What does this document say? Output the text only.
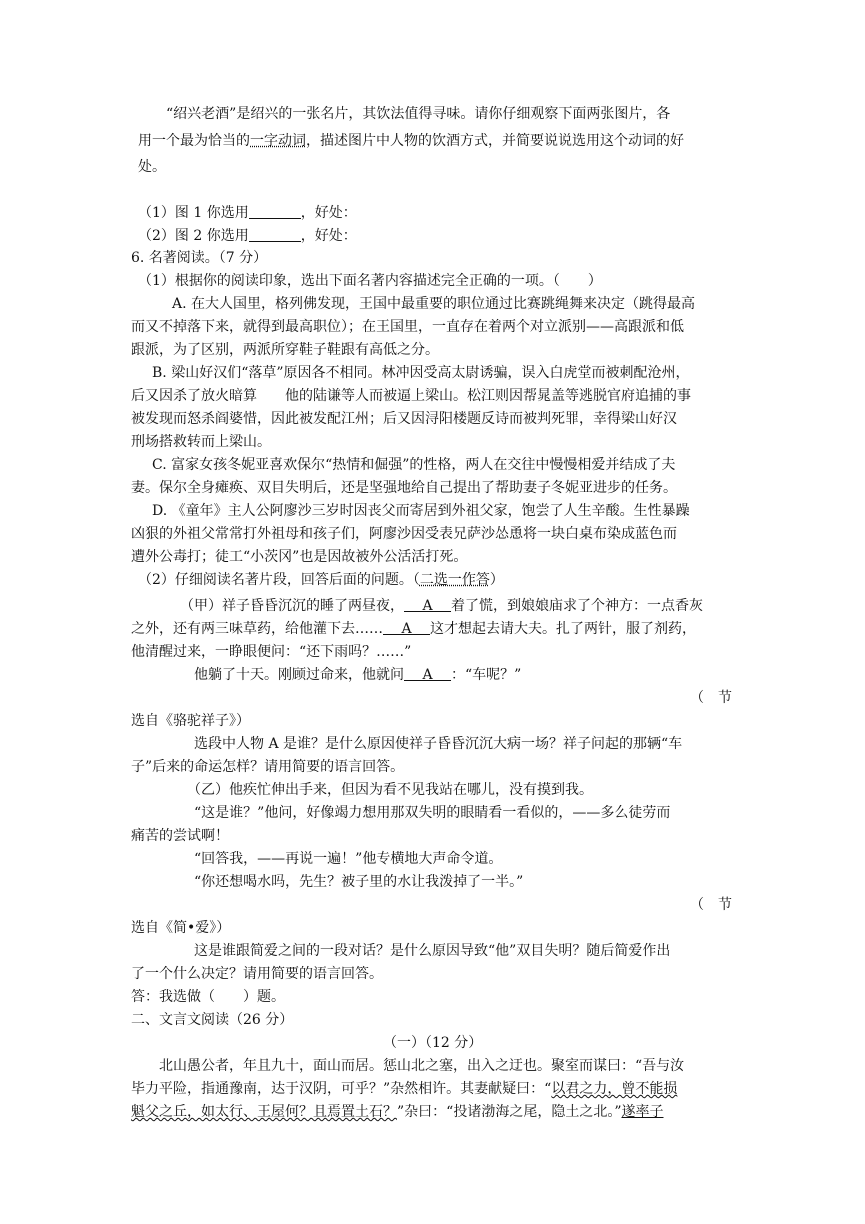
“绍兴老酒”是绍兴的一张名片，其饮法值得寻味。请你仔细观察下面两张图片，各
用一个最为恰当的一字动词，描述图片中人物的饮酒方式，并简要说说选用这个动词的好
处。
（1）图 1 你选用	，好处：
（2）图 2 你选用	，好处：
6. 名著阅读。（7 分）
（1）根据你的阅读印象，选出下面名著内容描述完全正确的一项。（　　）
A. 在大人国里，格列佛发现，王国中最重要的职位通过比赛跳绳舞来决定（跳得最高
而又不掉落下来，就得到最高职位）；在王国里，一直存在着两个对立派别——高跟派和低
跟派，为了区别，两派所穿鞋子鞋跟有高低之分。
B. 梁山好汉们“落草”原因各不相同。林冲因受高太尉诱骗，误入白虎堂而被刺配沧州，
后又因杀了放火暗算　　他的陆谦等人而被逼上梁山。松江则因帮晁盖等逃脱官府追捕的事
被发现而怒杀阎婆惜，因此被发配江州；后又因浔阳楼题反诗而被判死罪，幸得梁山好汉
刑场搭救转而上梁山。
C. 富家女孩冬妮亚喜欢保尔“热情和倔强”的性格，两人在交往中慢慢相爱并结成了夫
妻。保尔全身瘫痪、双目失明后，还是坚强地给自己提出了帮助妻子冬妮亚进步的任务。
D. 《童年》主人公阿廖沙三岁时因丧父而寄居到外祖父家，饱尝了人生辛酸。生性暴躁
凶狠的外祖父常常打外祖母和孩子们，阿廖沙因受表兄萨沙怂恿将一块白桌布染成蓝色而
遭外公毒打；徒工“小茨冈”也是因故被外公活活打死。
（2）仔细阅读名著片段，回答后面的问题。（二选一作答）
（甲）祥子昏昏沉沉的睡了两昼夜， 　A 　着了慌，到娘娘庙求了个神方：一点香灰
之外，还有两三味草药，给他灌下去…… 　A 　这才想起去请大夫。扎了两针，服了剂药，
他清醒过来，一睁眼便问：“还下雨吗？……”
他躺了十天。刚顾过命来，他就问 　A 　：“车呢？”
（　节
选自《骆驼祥子》）
选段中人物 A 是谁？是什么原因使祥子昏昏沉沉大病一场？祥子问起的那辆“车
子”后来的命运怎样？请用简要的语言回答。
（乙）他疾忙伸出手来，但因为看不见我站在哪儿，没有摸到我。
“这是谁？”他问，好像竭力想用那双失明的眼睛看一看似的，——多么徒劳而
痛苦的尝试啊！
“回答我，——再说一遍！”他专横地大声命令道。
“你还想喝水吗，先生？被子里的水让我泼掉了一半。”
（　节
选自《简•爱》）
这是谁跟简爱之间的一段对话？是什么原因导致“他”双目失明？随后简爱作出
了一个什么决定？请用简要的语言回答。
答：我选做（　　）题。
二、文言文阅读（26 分）
（一）（12 分）
北山愚公者，年且九十，面山而居。惩山北之塞，出入之迂也。聚室而谋曰：“吾与汝
毕力平险，指通豫南，达于汉阴，可乎？”杂然相许。其妻献疑曰：“以君之力，曾不能损
魁父之丘，如太行、王屋何？且焉置土石？”杂曰：“投诸渤海之尾，隐土之北。”遂率子
